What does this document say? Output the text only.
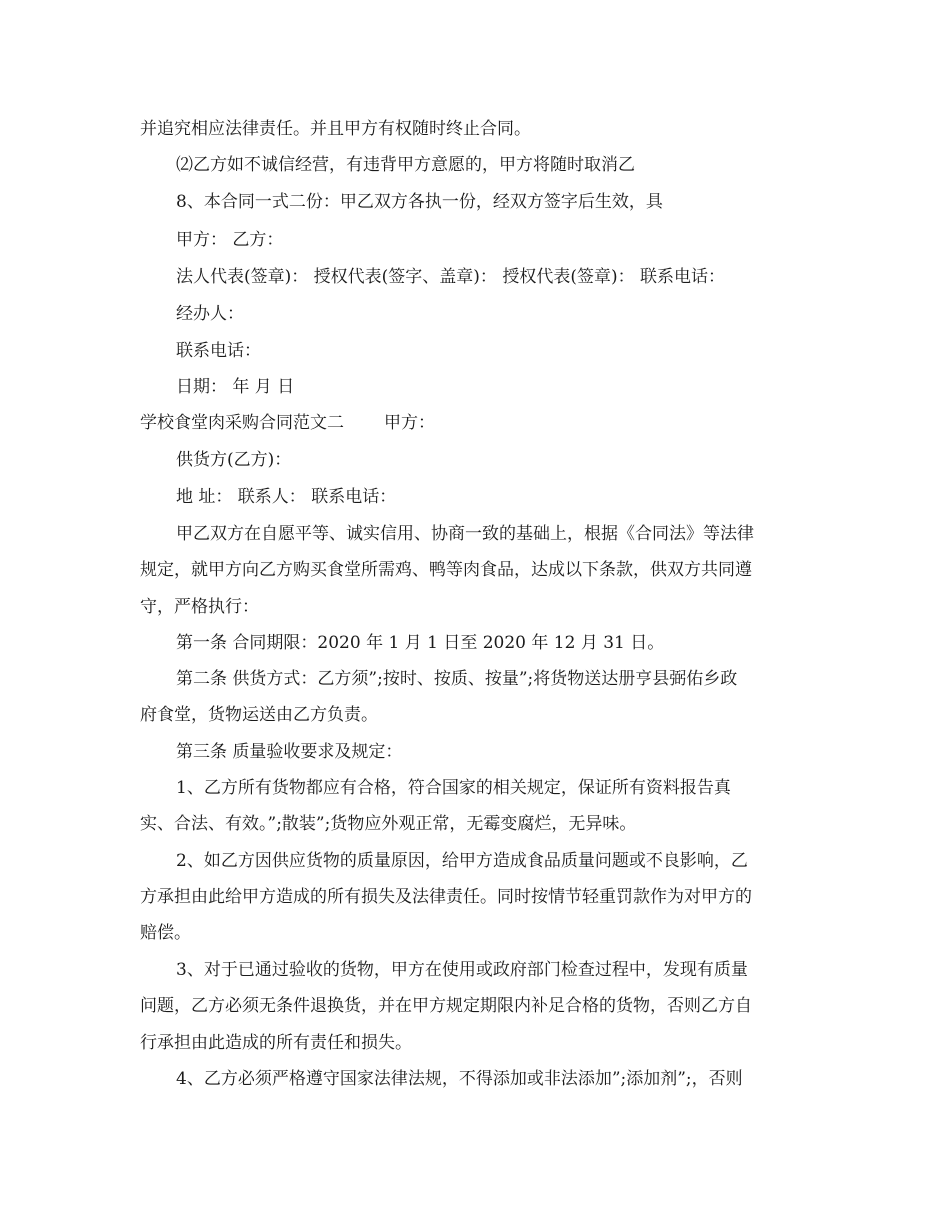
并追究相应法律责任。并且甲方有权随时终止合同。
⑵乙方如不诚信经营，有违背甲方意愿的，甲方将随时取消乙
8、本合同一式二份：甲乙双方各执一份，经双方签字后生效，具
甲方： 乙方：
法人代表(签章)： 授权代表(签字、盖章)： 授权代表(签章)： 联系电话：
经办人：
联系电话：
日期： 年 月 日
学校食堂肉采购合同范文二 甲方：
供货方(乙方)：
地 址： 联系人： 联系电话：
甲乙双方在自愿平等、诚实信用、协商一致的基础上，根据《合同法》等法律
规定，就甲方向乙方购买食堂所需鸡、鸭等肉食品，达成以下条款，供双方共同遵
守，严格执行：
第一条 合同期限：2020 年 1 月 1 日至 2020 年 12 月 31 日。
第二条 供货方式：乙方须”;按时、按质、按量”;将货物送达册亨县弼佑乡政
府食堂，货物运送由乙方负责。
第三条 质量验收要求及规定：
1、乙方所有货物都应有合格，符合国家的相关规定，保证所有资料报告真
实、合法、有效。”;散装”;货物应外观正常，无霉变腐烂，无异味。
2、如乙方因供应货物的质量原因，给甲方造成食品质量问题或不良影响，乙
方承担由此给甲方造成的所有损失及法律责任。同时按情节轻重罚款作为对甲方的
赔偿。
3、对于已通过验收的货物，甲方在使用或政府部门检查过程中，发现有质量
问题，乙方必须无条件退换货，并在甲方规定期限内补足合格的货物，否则乙方自
行承担由此造成的所有责任和损失。
4、乙方必须严格遵守国家法律法规，不得添加或非法添加”;添加剂”;，否则
